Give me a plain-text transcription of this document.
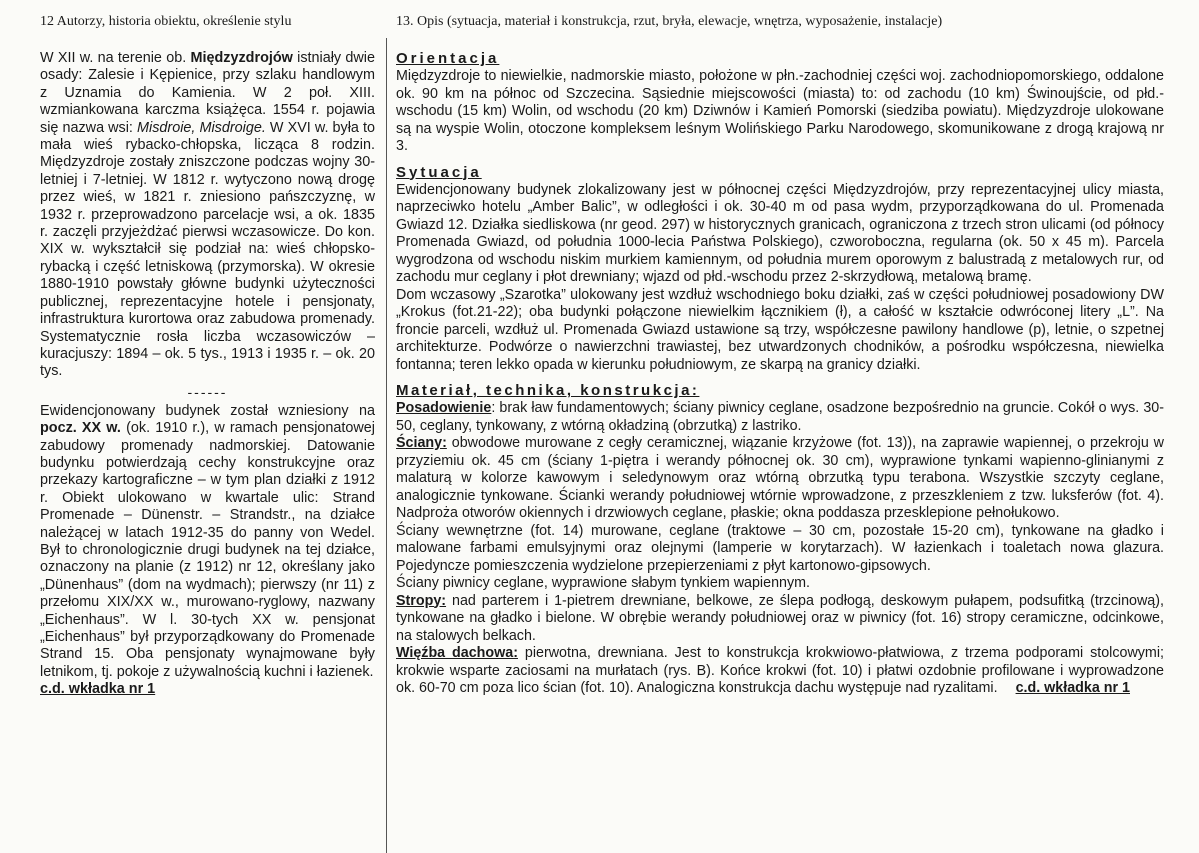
12 Autorzy, historia obiektu, określenie stylu	13. Opis (sytuacja, materiał i konstrukcja, rzut, bryła, elewacje, wnętrza, wyposażenie, instalacje)

W XII w. na terenie ob. Międzyzdrojów istniały dwie osady: Zalesie i Kępienice, przy szlaku handlowym z Uznamia do Kamienia. W 2 poł. XIII. wzmiankowana karczma książęca. 1554 r. pojawia się nazwa wsi: Misdroie, Misdroige. W XVI w. była to mała wieś rybacko-chłopska, licząca 8 rodzin. Międzyzdroje zostały zniszczone podczas wojny 30-letniej i 7-letniej. W 1812 r. wytyczono nową drogę przez wieś, w 1821 r. zniesiono pańszczyznę, w 1932 r. przeprowadzono parcelacje wsi, a ok. 1835 r. zaczęli przyjeżdżać pierwsi wczasowicze. Do kon. XIX w. wykształcił się podział na: wieś chłopsko-rybacką i część letniskową (przymorska). W okresie 1880-1910 powstały główne budynki użyteczności publicznej, reprezentacyjne hotele i pensjonaty, infrastruktura kurortowa oraz zabudowa promenady. Systematycznie rosła liczba wczasowiczów – kuracjuszy: 1894 – ok. 5 tys., 1913 i 1935 r. – ok. 20 tys.

------

Ewidencjonowany budynek został wzniesiony na pocz. XX w. (ok. 1910 r.), w ramach pensjonatowej zabudowy promenady nadmorskiej. Datowanie budynku potwierdzają cechy konstrukcyjne oraz przekazy kartograficzne – w tym plan działki z 1912 r. Obiekt ulokowano w kwartale ulic: Strand Promenade – Dünenstr. – Strandstr., na działce należącej w latach 1912-35 do panny von Wedel. Był to chronologicznie drugi budynek na tej działce, oznaczony na planie (z 1912) nr 12, określany jako „Dünenhaus” (dom na wydmach); pierwszy (nr 11) z przełomu XIX/XX w., murowano-ryglowy, nazwany „Eichenhaus”. W l. 30-tych XX w. pensjonat „Eichenhaus” był przyporządkowany do Promenade Strand 15. Oba pensjonaty wynajmowane były letnikom, tj. pokoje z używalnością kuchni i łazienek.

c.d. wkładka nr 1
Orientacja

Międzyzdroje to niewielkie, nadmorskie miasto, położone w płn.-zachodniej części woj. zachodniopomorskiego, oddalone ok. 90 km na północ od Szczecina. Sąsiednie miejscowości (miasta) to: od zachodu (10 km) Świnoujście, od płd.-wschodu (15 km) Wolin, od wschodu (20 km) Dziwnów i Kamień Pomorski (siedziba powiatu). Międzyzdroje ulokowane są na wyspie Wolin, otoczone kompleksem leśnym Wolińskiego Parku Narodowego, skomunikowane z drogą krajową nr 3.

Sytuacja

Ewidencjonowany budynek zlokalizowany jest w północnej części Międzyzdrojów, przy reprezentacyjnej ulicy miasta, naprzeciwko hotelu „Amber Balic”, w odległości i ok. 30-40 m od pasa wydm, przyporządkowana do ul. Promenada Gwiazd 12. Działka siedliskowa (nr geod. 297) w historycznych granicach, ograniczona z trzech stron ulicami (od północy Promenada Gwiazd, od południa 1000-lecia Państwa Polskiego), czworoboczna, regularna (ok. 50 x 45 m). Parcela wygrodzona od wschodu niskim murkiem kamiennym, od południa murem oporowym z balustradą z metalowych rur, od zachodu mur ceglany i płot drewniany; wjazd od płd.-wschodu przez 2-skrzydłową, metalową bramę.

Dom wczasowy „Szarotka” ulokowany jest wzdłuż wschodniego boku działki, zaś w części południowej posadowiony DW „Krokus (fot.21-22); oba budynki połączone niewielkim łącznikiem (ł), a całość w kształcie odwróconej litery „L”. Na froncie parceli, wzdłuż ul. Promenada Gwiazd ustawione są trzy, współczesne pawilony handlowe (p), letnie, o szpetnej architekturze. Podwórze o nawierzchni trawiastej, bez utwardzonych chodników, a pośrodku współczesna, niewielka fontanna; teren lekko opada w kierunku południowym, ze skarpą na granicy działki.

Materiał, technika, konstrukcja:

Posadowienie: brak ław fundamentowych; ściany piwnicy ceglane, osadzone bezpośrednio na gruncie. Cokół o wys. 30-50, ceglany, tynkowany, z wtórną okładziną (obrzutką) z lastriko.

Ściany: obwodowe murowane z cegły ceramicznej, wiązanie krzyżowe (fot. 13)), na zaprawie wapiennej, o przekroju w przyziemiu ok. 45 cm (ściany 1-piętra i werandy północnej ok. 30 cm), wyprawione tynkami wapienno-glinianymi z malaturą w kolorze kawowym i seledynowym oraz wtórną obrzutką typu terabona. Wszystkie szczyty ceglane, analogicznie tynkowane. Ścianki werandy południowej wtórnie wprowadzone, z przeszkleniem z tzw. luksferów (fot. 4). Nadproża otworów okiennych i drzwiowych ceglane, płaskie; okna poddasza przesklepione pełnołukowo.

Ściany wewnętrzne (fot. 14) murowane, ceglane (traktowe – 30 cm, pozostałe 15-20 cm), tynkowane na gładko i malowane farbami emulsyjnymi oraz olejnymi (lamperie w korytarzach). W łazienkach i toaletach nowa glazura. Pojedyncze pomieszczenia wydzielone przepierzeniami z płyt kartonowo-gipsowych.

Ściany piwnicy ceglane, wyprawione słabym tynkiem wapiennym.

Stropy: nad parterem i 1-pietrem drewniane, belkowe, ze ślepa podłogą, deskowym pułapem, podsufitką (trzcinową), tynkowane na gładko i bielone. W obrębie werandy południowej oraz w piwnicy (fot. 16) stropy ceramiczne, odcinkowe, na stalowych belkach.

Więźba dachowa: pierwotna, drewniana. Jest to konstrukcja krokwiowo-płatwiowa, z trzema podporami stolcowymi; krokwie wsparte zaciosami na murłatach (rys. B). Końce krokwi (fot. 10) i płatwi ozdobnie profilowane i wyprowadzone ok. 60-70 cm poza lico ścian (fot. 10). Analogiczna konstrukcja dachu występuje nad ryzalitami. c.d. wkładka nr 1
